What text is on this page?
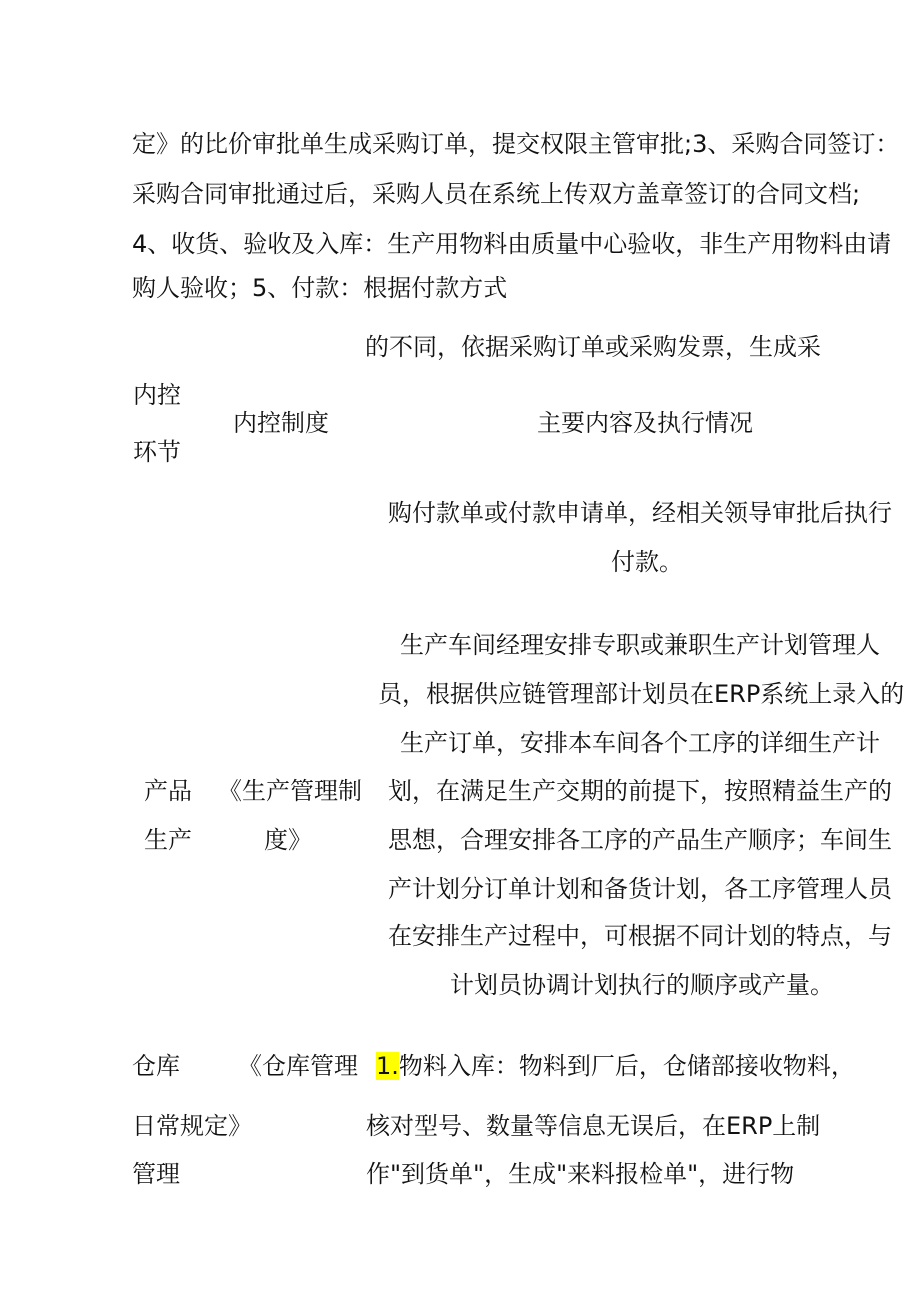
定》的比价审批单生成采购订单，提交权限主管审批;3、采购合同签订：

采购合同审批通过后，采购人员在系统上传双方盖章签订的合同文档;

4、收货、验收及入库：生产用物料由质量中心验收，非生产用物料由请

购人验收；5、付款：根据付款方式

的不同，依据采购订单或采购发票，生成采

内控

环节

内控制度	主要内容及执行情况

购付款单或付款申请单，经相关领导审批后执行

付款。

产品

生产

《生产管理制

度》

生产车间经理安排专职或兼职生产计划管理人

员，根据供应链管理部计划员在ERP系统上录入的

生产订单，安排本车间各个工序的详细生产计

划，在满足生产交期的前提下，按照精益生产的

思想，合理安排各工序的产品生产顺序；车间生

产计划分订单计划和备货计划，各工序管理人员

在安排生产过程中，可根据不同计划的特点，与

计划员协调计划执行的顺序或产量。

仓库

日常

管理

《仓库管理

规定》

1.物料入库：物料到厂后，仓储部接收物料，

核对型号、数量等信息无误后，在ERP上制

作"到货单"，生成"来料报检单"，进行物
